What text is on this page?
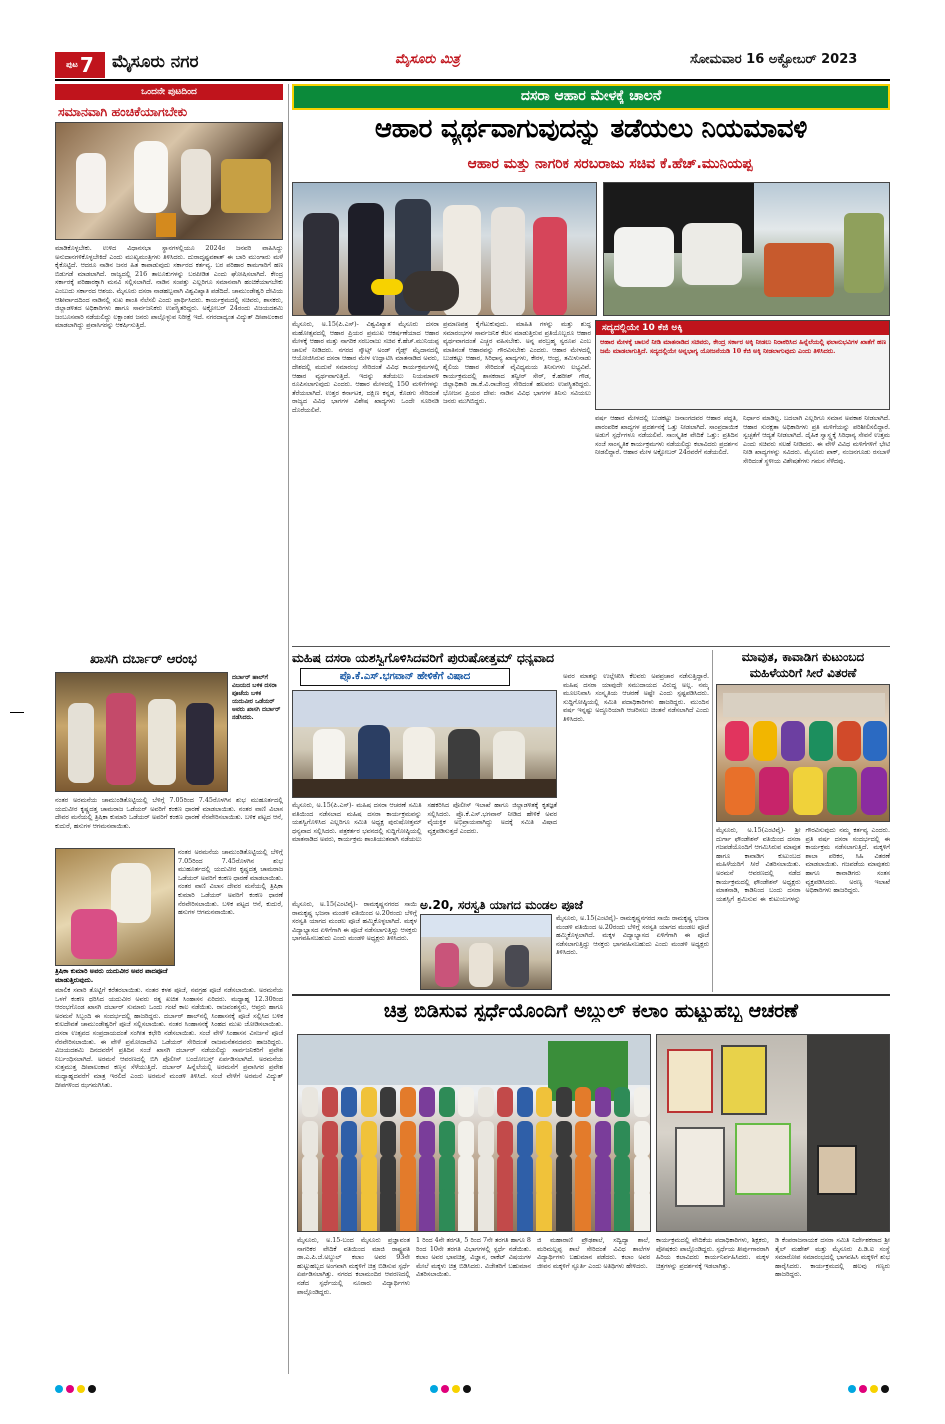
ಪುಟ 7 ಮೈಸೂರು ನಗರ	ಮೈಸೂರು ಮಿತ್ರ	ಸೋಮವಾರ 16 ಅಕ್ಟೋಬರ್ 2023
ಒಂದನೇ ಪುಟದಿಂದ
ಸಮಾನವಾಗಿ ಹಂಚಿಕೆಯಾಗಬೇಕು
ಮಾಡಿಕೊಳ್ಳಬೇಕು. ಉಳಿದ ವಿಧಾನಸಭಾ ಸ್ಥಾನಗಳಲ್ಲಿಯೂ 2024ರ ಜನವರಿ ವಾಹಿಸಿದ್ದು ಅನುದಾನಗಳಿಕೊಳ್ಳಬೇಕಿದೆ ಎಂದು ಮುಖ್ಯಮಂತ್ರಿಗಳು ತಿಳಿಸಿದರು. ದುರಾದೃಷ್ಟವಶಾತ್ ಈ ಬಾರಿ ಮುಂಗಾರು ಮಳೆ ಕೈಕೊಟ್ಟಿದೆ. ಆದರೂ ನಾಡಿನ ಜನರ ಹಿತ ಕಾಪಾಡುವುದು ಸರ್ಕಾರದ ಕರ್ತವ್ಯ. ಬರ ಪರಿಹಾರ ಕಾಮಗಾರಿಗೆ ಹಣ ಬಿಡುಗಡೆ ಮಾಡಲಾಗಿದೆ. ರಾಜ್ಯದಲ್ಲಿ 216 ತಾಲೂಕುಗಳನ್ನು ಬರಪೀಡಿತ ಎಂದು ಘೋಷಿಸಲಾಗಿದೆ. ಕೇಂದ್ರ ಸರ್ಕಾರಕ್ಕೆ ಪರಿಹಾರಕ್ಕಾಗಿ ಮನವಿ ಸಲ್ಲಿಸಲಾಗಿದೆ. ನಾಡಿನ ಸಂಪತ್ತು ಎಲ್ಲರಿಗೂ ಸಮಾನವಾಗಿ ಹಂಚಿಕೆಯಾಗಬೇಕು ಎಂಬುದು ಸರ್ಕಾರದ ಆಶಯ. ಮೈಸೂರು ದಸರಾ ನಾಡಹಬ್ಬವಾಗಿ ವಿಶ್ವವಿಖ್ಯಾತಿ ಪಡೆದಿದೆ. ಚಾಮುಂಡೇಶ್ವರಿ ದೇವಿಯ ಆಶೀರ್ವಾದದಿಂದ ನಾಡಿನಲ್ಲಿ ಸುಖ ಶಾಂತಿ ನೆಲೆಸಲಿ ಎಂದು ಪ್ರಾರ್ಥಿಸಿದರು. ಕಾರ್ಯಕ್ರಮದಲ್ಲಿ ಸಚಿವರು, ಶಾಸಕರು, ಜಿಲ್ಲಾಡಳಿತದ ಅಧಿಕಾರಿಗಳು ಹಾಗೂ ಸಾರ್ವಜನಿಕರು ಉಪಸ್ಥಿತರಿದ್ದರು. ಅಕ್ಟೋಬರ್ 24ರಂದು ವಿಜಯದಶಮಿ ಜಂಬೂಸವಾರಿ ನಡೆಯಲಿದ್ದು ಲಕ್ಷಾಂತರ ಜನರು ಪಾಲ್ಗೊಳ್ಳುವ ನಿರೀಕ್ಷೆ ಇದೆ. ನಗರದಾದ್ಯಂತ ವಿದ್ಯುತ್ ದೀಪಾಲಂಕಾರ ಮಾಡಲಾಗಿದ್ದು ಪ್ರವಾಸಿಗರನ್ನು ಆಕರ್ಷಿಸುತ್ತಿದೆ.
ಖಾಸಗಿ ದರ್ಬಾರ್ ಆರಂಭ
ದರ್ಬಾರ್ ಹಾಲ್‌ಗೆ ವಿಜಯದ ಬಳಿಕ ದಸರಾ ಪೂಜೆಯ ಬಳಿಕ ಯದುವೀರ ಒಡೆಯರ್ ಅವರು ಖಾಸಗಿ ದರ್ಬಾರ್ ನಡೆಸಿದರು.
ನಂತರ ಅರಮನೆಯ ಚಾಮುಂಡಿತೊಟ್ಟಿಯಲ್ಲಿ ಬೆಳಿಗ್ಗೆ 7.05ರಿಂದ 7.45ರೊಳಗಿನ ಶುಭ ಮುಹೂರ್ತದಲ್ಲಿ ಯದುವೀರ ಕೃಷ್ಣದತ್ತ ಚಾಮರಾಜ ಒಡೆಯರ್ ಅವರಿಗೆ ಕಂಕಣ ಧಾರಣೆ ಮಾಡಲಾಯಿತು. ನಂತರ ವಾಣಿ ವಿಲಾಸ ದೇವರ ಮನೆಯಲ್ಲಿ ತ್ರಿಷಿಕಾ ಕುಮಾರಿ ಒಡೆಯರ್ ಅವರಿಗೆ ಕಂಕಣ ಧಾರಣೆ ನೆರವೇರಿಸಲಾಯಿತು. ಬಳಿಕ ಪಟ್ಟದ ಆನೆ, ಕುದುರೆ, ಹಸುಗಳ ಆಗಮನವಾಯಿತು.
ನಂತರ ಅರಮನೆಯ ಚಾಮುಂಡಿತೊಟ್ಟಿಯಲ್ಲಿ ಬೆಳಿಗ್ಗೆ 7.05ರಿಂದ 7.45ರೊಳಗಿನ ಶುಭ ಮುಹೂರ್ತದಲ್ಲಿ ಯದುವೀರ ಕೃಷ್ಣದತ್ತ ಚಾಮರಾಜ ಒಡೆಯರ್ ಅವರಿಗೆ ಕಂಕಣ ಧಾರಣೆ ಮಾಡಲಾಯಿತು. ನಂತರ ವಾಣಿ ವಿಲಾಸ ದೇವರ ಮನೆಯಲ್ಲಿ ತ್ರಿಷಿಕಾ ಕುಮಾರಿ ಒಡೆಯರ್ ಅವರಿಗೆ ಕಂಕಣ ಧಾರಣೆ ನೆರವೇರಿಸಲಾಯಿತು. ಬಳಿಕ ಪಟ್ಟದ ಆನೆ, ಕುದುರೆ, ಹಸುಗಳ ಆಗಮನವಾಯಿತು.
ತ್ರಿಷಿಕಾ ಕುಮಾರಿ ಅವರು ಯದುವೀರ ಅವರ ಪಾದಪೂಜೆ ಮಾಡುತ್ತಿರುವುದು.
ಮಾಲಿಕ ಸವಾರಿ ತೊಟ್ಟಿಗೆ ಕರೆತರಲಾಯಿತು. ನಂತರ ಕಳಶ ಪೂಜೆ, ನವಗ್ರಹ ಪೂಜೆ ನಡೆಸಲಾಯಿತು. ಅರಮನೆಯ ಒಳಗೆ ಕಂಕಣ ಧರಿಸಿದ ಯದುವೀರ ಅವರು ರತ್ನ ಖಚಿತ ಸಿಂಹಾಸನ ಏರಿದರು. ಮಧ್ಯಾಹ್ನ 12.30ರಿಂದ ಆರಂಭಗೊಂಡ ಖಾಸಗಿ ದರ್ಬಾರ್ ಸುಮಾರು ಒಂದು ಗಂಟೆ ಕಾಲ ನಡೆಯಿತು. ರಾಜವಂಶಸ್ಥರು, ಆಪ್ತರು ಹಾಗೂ ಅರಮನೆ ಸಿಬ್ಬಂದಿ ಈ ಸಂದರ್ಭದಲ್ಲಿ ಹಾಜರಿದ್ದರು. ದರ್ಬಾರ್ ಹಾಲ್‌ನಲ್ಲಿ ಸಿಂಹಾಸನಕ್ಕೆ ಪೂಜೆ ಸಲ್ಲಿಸಿದ ಬಳಿಕ ಕುಲದೇವತೆ ಚಾಮುಂಡೇಶ್ವರಿಗೆ ಪೂಜೆ ಸಲ್ಲಿಸಲಾಯಿತು. ನಂತರ ಸಿಂಹಾಸನಕ್ಕೆ ಸಿಂಹದ ಮುಖ ಜೋಡಿಸಲಾಯಿತು. ದಸರಾ ಉತ್ಸವದ ಸಂಪ್ರದಾಯದಂತೆ ಸಂಗೀತ ಕಛೇರಿ ನಡೆಸಲಾಯಿತು. ಸಂಜೆ ವೇಳೆ ಸಿಂಹಾಸನ ವಿಸರ್ಜನೆ ಪೂಜೆ ನೆರವೇರಿಸಲಾಯಿತು. ಈ ವೇಳೆ ಪ್ರಮೋದಾದೇವಿ ಒಡೆಯರ್ ಸೇರಿದಂತೆ ರಾಜಮನೆತನದವರು ಹಾಜರಿದ್ದರು. ವಿಜಯದಶಮಿ ದಿನದವರೆಗೆ ಪ್ರತಿದಿನ ಸಂಜೆ ಖಾಸಗಿ ದರ್ಬಾರ್ ನಡೆಯಲಿದ್ದು ಸಾರ್ವಜನಿಕರಿಗೆ ಪ್ರವೇಶ ನಿರ್ಬಂಧಿಸಲಾಗಿದೆ. ಅರಮನೆ ಆವರಣದಲ್ಲಿ ಬಿಗಿ ಪೊಲೀಸ್ ಬಂದೋಬಸ್ತ್ ಏರ್ಪಡಿಸಲಾಗಿದೆ. ಅರಮನೆಯ ಸುತ್ತಮುತ್ತ ದೀಪಾಲಂಕಾರ ಕಣ್ಮನ ಸೆಳೆಯುತ್ತಿದೆ. ದರ್ಬಾರ್ ಹಿನ್ನೆಲೆಯಲ್ಲಿ ಅರಮನೆಗೆ ಪ್ರವಾಸಿಗರ ಪ್ರವೇಶ ಮಧ್ಯಾಹ್ನದವರೆಗೆ ಮಾತ್ರ ಇರಲಿದೆ ಎಂದು ಅರಮನೆ ಮಂಡಳಿ ತಿಳಿಸಿದೆ. ಸಂಜೆ ವೇಳೆಗೆ ಅರಮನೆ ವಿದ್ಯುತ್ ದೀಪಗಳಿಂದ ಝಗಮಗಿಸಿತು.
ದಸರಾ ಆಹಾರ ಮೇಳಕ್ಕೆ ಚಾಲನೆ
ಆಹಾರ ವ್ಯರ್ಥವಾಗುವುದನ್ನು ತಡೆಯಲು ನಿಯಮಾವಳಿ
ಆಹಾರ ಮತ್ತು ನಾಗರಿಕ ಸರಬರಾಜು ಸಚಿವ ಕೆ.ಹೆಚ್.ಮುನಿಯಪ್ಪ
ಮೈಸೂರು, ಅ.15(ಪಿ.ಎಸ್)- ವಿಶ್ವವಿಖ್ಯಾತ ಮೈಸೂರು ದಸರಾ ಮಹೋತ್ಸವದಲ್ಲಿ ಆಹಾರ ಪ್ರಿಯರ ಪ್ರಮುಖ ಆಕರ್ಷಣೆಯಾದ ಆಹಾರ ಮೇಳಕ್ಕೆ ಆಹಾರ ಮತ್ತು ನಾಗರಿಕ ಸರಬರಾಜು ಸಚಿವ ಕೆ.ಹೆಚ್.ಮುನಿಯಪ್ಪ ಚಾಲನೆ ನೀಡಿದರು. ನಗರದ ಸ್ಕೌಟ್ಸ್ ಅಂಡ್ ಗೈಡ್ಸ್ ಮೈದಾನದಲ್ಲಿ ಆಯೋಜಿಸಿರುವ ದಸರಾ ಆಹಾರ ಮೇಳ ಉದ್ಘಾಟಿಸಿ ಮಾತನಾಡಿದ ಅವರು, ದೇಶದಲ್ಲಿ ಮದುವೆ ಸಮಾರಂಭ ಸೇರಿದಂತೆ ವಿವಿಧ ಕಾರ್ಯಕ್ರಮಗಳಲ್ಲಿ ಆಹಾರ ವ್ಯರ್ಥವಾಗುತ್ತಿದೆ. ಇದನ್ನು ತಡೆಯಲು ನಿಯಮಾವಳಿ ರೂಪಿಸಲಾಗುವುದು ಎಂದರು. ಆಹಾರ ಮೇಳದಲ್ಲಿ 150 ಮಳಿಗೆಗಳನ್ನು ತೆರೆಯಲಾಗಿದೆ. ಉತ್ತರ ಕರ್ನಾಟಕ, ದಕ್ಷಿಣ ಕನ್ನಡ, ಕೊಡಗು ಸೇರಿದಂತೆ ರಾಜ್ಯದ ವಿವಿಧ ಭಾಗಗಳ ವಿಶೇಷ ಖಾದ್ಯಗಳು ಒಂದೇ ಸೂರಿನಡಿ ದೊರೆಯಲಿವೆ.
ಪ್ರಮಾಣಪತ್ರ ಕೈಗೆಟುಕುವುದು. ಮಾಹಿತಿ ಗಳನ್ನು ಮತ್ತು ಶುದ್ಧ ಸಮಾರಂಭಗಳ ಸಾರ್ವಜನಿಕ ಕೆಲಸ ಮಾಡುತ್ತಿರುವ ಪ್ರತಿಯೊಬ್ಬರೂ ಆಹಾರ ವ್ಯರ್ಥವಾಗದಂತೆ ಎಚ್ಚರ ವಹಿಸಬೇಕು. ಅನ್ನ ಪರಬ್ರಹ್ಮ ಸ್ವರೂಪ ಎಂಬ ಮಾತಿನಂತೆ ಆಹಾರವನ್ನು ಗೌರವಿಸಬೇಕು ಎಂದರು. ಆಹಾರ ಮೇಳದಲ್ಲಿ ಬುಡಕಟ್ಟು ಆಹಾರ, ಸಿರಿಧಾನ್ಯ ಖಾದ್ಯಗಳು, ಕೇರಳ, ಆಂಧ್ರ, ತಮಿಳುನಾಡು ಶೈಲಿಯ ಆಹಾರ ಸೇರಿದಂತೆ ವೈವಿಧ್ಯಮಯ ತಿನಿಸುಗಳು ಲಭ್ಯವಿವೆ. ಕಾರ್ಯಕ್ರಮದಲ್ಲಿ ಶಾಸಕರಾದ ತನ್ವೀರ್ ಸೇಠ್, ಕೆ.ಹರೀಶ್ ಗೌಡ, ಜಿಲ್ಲಾಧಿಕಾರಿ ಡಾ.ಕೆ.ವಿ.ರಾಜೇಂದ್ರ ಸೇರಿದಂತೆ ಹಲವರು ಉಪಸ್ಥಿತರಿದ್ದರು. ಭೋಜನ ಪ್ರಿಯರ ದೇವ: ನಾಡಿನ ವಿವಿಧ ಭಾಗಗಳ ತಿನಿಸು ಸವಿಯಲು ಜನರು ಮುಗಿಬಿದ್ದರು.
ಸದ್ಯದಲ್ಲಿಯೇ 10 ಕೆಜಿ ಅಕ್ಕಿ
ಆಹಾರ ಮೇಳಕ್ಕೆ ಚಾಲನೆ ನೀಡಿ ಮಾತನಾಡಿದ ಸಚಿವರು, ಕೇಂದ್ರ ಸರ್ಕಾರ ಅಕ್ಕಿ ನೀಡಲು ನಿರಾಕರಿಸಿದ ಹಿನ್ನೆಲೆಯಲ್ಲಿ ಫಲಾನುಭವಿಗಳ ಖಾತೆಗೆ ಹಣ ಜಮೆ ಮಾಡಲಾಗುತ್ತಿದೆ. ಸದ್ಯದಲ್ಲಿಯೇ ಅನ್ನಭಾಗ್ಯ ಯೋಜನೆಯಡಿ 10 ಕೆಜಿ ಅಕ್ಕಿ ನೀಡಲಾಗುವುದು ಎಂದು ತಿಳಿಸಿದರು.
ವರ್ಷ ಆಹಾರ ಮೇಳದಲ್ಲಿ ಬುಡಕಟ್ಟು ಜನಾಂಗದವರ ಆಹಾರ ಪದ್ಧತಿ, ಪಾರಂಪರಿಕ ಖಾದ್ಯಗಳ ಪ್ರದರ್ಶನಕ್ಕೆ ಒತ್ತು ನೀಡಲಾಗಿದೆ. ಸಾಂಪ್ರದಾಯಿಕ ಅಡುಗೆ ಸ್ಪರ್ಧೆಗಳೂ ನಡೆಯಲಿವೆ. ಸಾಂಸ್ಕೃತಿಕ ವೇದಿಕೆ ಒತ್ತು: ಪ್ರತಿದಿನ ಸಂಜೆ ಸಾಂಸ್ಕೃತಿಕ ಕಾರ್ಯಕ್ರಮಗಳು ನಡೆಯಲಿದ್ದು ಕಲಾವಿದರು ಪ್ರದರ್ಶನ ನೀಡಲಿದ್ದಾರೆ. ಆಹಾರ ಮೇಳ ಅಕ್ಟೋಬರ್ 24ರವರೆಗೆ ನಡೆಯಲಿದೆ.
ನಿರ್ಧಾರ ಮಾಡಿಲ್ಲ. ಬದಲಾಗಿ ಎಲ್ಲರಿಗೂ ಸಮಾನ ಅವಕಾಶ ನೀಡಲಾಗಿದೆ. ಆಹಾರ ಸುರಕ್ಷತಾ ಅಧಿಕಾರಿಗಳು ಪ್ರತಿ ಮಳಿಗೆಯನ್ನು ಪರಿಶೀಲಿಸಲಿದ್ದಾರೆ. ಸ್ವಚ್ಛತೆಗೆ ಆದ್ಯತೆ ನೀಡಲಾಗಿದೆ. ದೈಹಿಕ ಸ್ವಾಸ್ಥ್ಯಕ್ಕೆ ಸಿರಿಧಾನ್ಯ ಸೇವನೆ ಉತ್ತಮ ಎಂದು ಸಚಿವರು ಸಲಹೆ ನೀಡಿದರು. ಈ ವೇಳೆ ವಿವಿಧ ಮಳಿಗೆಗಳಿಗೆ ಭೇಟಿ ನೀಡಿ ಖಾದ್ಯಗಳನ್ನು ಸವಿದರು. ಮೈಸೂರು ಪಾಕ್, ನಂಜನಗೂಡು ರಸಬಾಳೆ ಸೇರಿದಂತೆ ಸ್ಥಳೀಯ ವಿಶೇಷತೆಗಳು ಗಮನ ಸೆಳೆದವು.
ಮಹಿಷ ದಸರಾ ಯಶಸ್ವಿಗೊಳಿಸಿದವರಿಗೆ ಪುರುಷೋತ್ತಮ್ ಧನ್ಯವಾದ
ಪ್ರೊ.ಕೆ.ಎಸ್.ಭಗವಾನ್ ಹೇಳಿಕೆಗೆ ವಿಷಾದ
ಮೈಸೂರು, ಅ.15(ಪಿ.ಎಸ್)- ಮಹಿಷ ದಸರಾ ಆಚರಣೆ ಸಮಿತಿ ವತಿಯಿಂದ ನಡೆಸಲಾದ ಮಹಿಷ ದಸರಾ ಕಾರ್ಯಕ್ರಮವನ್ನು ಯಶಸ್ವಿಗೊಳಿಸಿದ ಎಲ್ಲರಿಗೂ ಸಮಿತಿ ಅಧ್ಯಕ್ಷ ಪುರುಷೋತ್ತಮ್ ಧನ್ಯವಾದ ಸಲ್ಲಿಸಿದರು. ಪತ್ರಕರ್ತರ ಭವನದಲ್ಲಿ ಸುದ್ದಿಗೋಷ್ಠಿಯಲ್ಲಿ ಮಾತನಾಡಿದ ಅವರು, ಕಾರ್ಯಕ್ರಮ ಶಾಂತಿಯುತವಾಗಿ ನಡೆಯಲು ಸಹಕರಿಸಿದ ಪೊಲೀಸ್ ಇಲಾಖೆ ಹಾಗೂ ಜಿಲ್ಲಾಡಳಿತಕ್ಕೆ ಕೃತಜ್ಞತೆ ಸಲ್ಲಿಸಿದರು. ಪ್ರೊ.ಕೆ.ಎಸ್.ಭಗವಾನ್ ನೀಡಿದ ಹೇಳಿಕೆ ಅವರ ವೈಯಕ್ತಿಕ ಅಭಿಪ್ರಾಯವಾಗಿದ್ದು ಅದಕ್ಕೆ ಸಮಿತಿ ವಿಷಾದ ವ್ಯಕ್ತಪಡಿಸುತ್ತದೆ ಎಂದರು.
ಅವರ ಮಾತನ್ನು ಉಲ್ಲೇಖಿಸಿ ಕೆಲವರು ಅಪಪ್ರಚಾರ ನಡೆಸುತ್ತಿದ್ದಾರೆ. ಮಹಿಷ ದಸರಾ ಯಾವುದೇ ಸಮುದಾಯದ ವಿರುದ್ಧ ಅಲ್ಲ. ನಮ್ಮ ಮೂಲನಿವಾಸಿ ಸಂಸ್ಕೃತಿಯ ಆಚರಣೆ ಅಷ್ಟೇ ಎಂದು ಸ್ಪಷ್ಟಪಡಿಸಿದರು. ಸುದ್ದಿಗೋಷ್ಠಿಯಲ್ಲಿ ಸಮಿತಿ ಪದಾಧಿಕಾರಿಗಳು ಹಾಜರಿದ್ದರು. ಮುಂದಿನ ವರ್ಷ ಇನ್ನಷ್ಟು ಅದ್ಧೂರಿಯಾಗಿ ಆಚರಿಸಲು ಚಿಂತನೆ ನಡೆಸಲಾಗಿದೆ ಎಂದು ತಿಳಿಸಿದರು.
ಅ.20, ಸರಸ್ವತಿ ಯಾಗದ ಮಂಡಲ ಪೂಜೆ
ಮೈಸೂರು, ಅ.15(ಎಂಟಿವೈ)- ರಾಮಕೃಷ್ಣನಗರದ ಸಾಯಿ ರಾಮಕೃಷ್ಣ ಭಜನಾ ಮಂಡಳಿ ವತಿಯಿಂದ ಅ.20ರಂದು ಬೆಳಿಗ್ಗೆ ಸರಸ್ವತಿ ಯಾಗದ ಮಂಡಲ ಪೂಜೆ ಹಮ್ಮಿಕೊಳ್ಳಲಾಗಿದೆ. ಮಕ್ಕಳ ವಿದ್ಯಾಭ್ಯಾಸದ ಏಳಿಗೆಗಾಗಿ ಈ ಪೂಜೆ ನಡೆಸಲಾಗುತ್ತಿದ್ದು ಆಸಕ್ತರು ಭಾಗವಹಿಸಬಹುದು ಎಂದು ಮಂಡಳಿ ಅಧ್ಯಕ್ಷರು ತಿಳಿಸಿದರು.
ಮೈಸೂರು, ಅ.15(ಎಂಟಿವೈ)- ರಾಮಕೃಷ್ಣನಗರದ ಸಾಯಿ ರಾಮಕೃಷ್ಣ ಭಜನಾ ಮಂಡಳಿ ವತಿಯಿಂದ ಅ.20ರಂದು ಬೆಳಿಗ್ಗೆ ಸರಸ್ವತಿ ಯಾಗದ ಮಂಡಲ ಪೂಜೆ ಹಮ್ಮಿಕೊಳ್ಳಲಾಗಿದೆ. ಮಕ್ಕಳ ವಿದ್ಯಾಭ್ಯಾಸದ ಏಳಿಗೆಗಾಗಿ ಈ ಪೂಜೆ ನಡೆಸಲಾಗುತ್ತಿದ್ದು ಆಸಕ್ತರು ಭಾಗವಹಿಸಬಹುದು ಎಂದು ಮಂಡಳಿ ಅಧ್ಯಕ್ಷರು ತಿಳಿಸಿದರು.
ಮಾವುತ, ಕಾವಾಡಿಗ ಕುಟುಂಬದ
ಮಹಿಳೆಯರಿಗೆ ಸೀರೆ ವಿತರಣೆ
ಮೈಸೂರು, ಅ.15(ಎಂಟಿವೈ)- ಶ್ರೀ ದುರ್ಗಾ ಫೌಂಡೇಶನ್ ವತಿಯಿಂದ ದಸರಾ ಗಜಪಡೆಯೊಂದಿಗೆ ಆಗಮಿಸಿರುವ ಮಾವುತ ಹಾಗೂ ಕಾವಾಡಿಗ ಕುಟುಂಬದ ಮಹಿಳೆಯರಿಗೆ ಸೀರೆ ವಿತರಿಸಲಾಯಿತು. ಅರಮನೆ ಆವರಣದಲ್ಲಿ ನಡೆದ ಕಾರ್ಯಕ್ರಮದಲ್ಲಿ ಫೌಂಡೇಶನ್ ಅಧ್ಯಕ್ಷರು ಮಾತನಾಡಿ, ಕಾಡಿನಿಂದ ಬಂದು ದಸರಾ ಯಶಸ್ಸಿಗೆ ಶ್ರಮಿಸುವ ಈ ಕುಟುಂಬಗಳನ್ನು ಗೌರವಿಸುವುದು ನಮ್ಮ ಕರ್ತವ್ಯ ಎಂದರು. ಪ್ರತಿ ವರ್ಷ ದಸರಾ ಸಂದರ್ಭದಲ್ಲಿ ಈ ಕಾರ್ಯಕ್ರಮ ನಡೆಸಲಾಗುತ್ತಿದೆ. ಮಕ್ಕಳಿಗೆ ಶಾಲಾ ಪರಿಕರ, ಸಿಹಿ ವಿತರಣೆ ಮಾಡಲಾಯಿತು. ಗಜಪಡೆಯ ಮಾವುತರು ಹಾಗೂ ಕಾವಾಡಿಗರು ಸಂತಸ ವ್ಯಕ್ತಪಡಿಸಿದರು. ಅರಣ್ಯ ಇಲಾಖೆ ಅಧಿಕಾರಿಗಳು ಹಾಜರಿದ್ದರು.
ಚಿತ್ರ ಬಿಡಿಸುವ ಸ್ಪರ್ಧೆಯೊಂದಿಗೆ ಅಬ್ದುಲ್ ಕಲಾಂ ಹುಟ್ಟುಹಬ್ಬ ಆಚರಣೆ
ಮೈಸೂರು, ಅ.15-ಬಂದ ಮೈಸೂರು ಪ್ರಜ್ಞಾವಂತ ನಾಗರಿಕರ ವೇದಿಕೆ ವತಿಯಿಂದ ಮಾಜಿ ರಾಷ್ಟ್ರಪತಿ ಡಾ.ಎ.ಪಿ.ಜೆ.ಅಬ್ದುಲ್ ಕಲಾಂ ಅವರ 93ನೇ ಹುಟ್ಟುಹಬ್ಬದ ಅಂಗವಾಗಿ ಮಕ್ಕಳಿಗೆ ಚಿತ್ರ ಬಿಡಿಸುವ ಸ್ಪರ್ಧೆ ಏರ್ಪಡಿಸಲಾಗಿತ್ತು. ನಗರದ ಕಲಾಮಂದಿರ ಆವರಣದಲ್ಲಿ ನಡೆದ ಸ್ಪರ್ಧೆಯಲ್ಲಿ ನೂರಾರು ವಿದ್ಯಾರ್ಥಿಗಳು ಪಾಲ್ಗೊಂಡಿದ್ದರು.
1 ರಿಂದ 4ನೇ ತರಗತಿ, 5 ರಿಂದ 7ನೇ ತರಗತಿ ಹಾಗೂ 8 ರಿಂದ 10ನೇ ತರಗತಿ ವಿಭಾಗಗಳಲ್ಲಿ ಸ್ಪರ್ಧೆ ನಡೆಯಿತು. ಕಲಾಂ ಅವರ ಭಾವಚಿತ್ರ, ವಿಜ್ಞಾನ, ರಾಕೆಟ್ ವಿಷಯಗಳ ಮೇಲೆ ಮಕ್ಕಳು ಚಿತ್ರ ಬಿಡಿಸಿದರು. ವಿಜೇತರಿಗೆ ಬಹುಮಾನ ವಿತರಿಸಲಾಯಿತು.
ಜಿ ಮಹಾರಾಣಿ ಪ್ರೌಢಶಾಲೆ, ಸದ್ವಿದ್ಯಾ ಶಾಲೆ, ಮರಿಮಲ್ಲಪ್ಪ ಶಾಲೆ ಸೇರಿದಂತೆ ವಿವಿಧ ಶಾಲೆಗಳ ವಿದ್ಯಾರ್ಥಿಗಳು ಬಹುಮಾನ ಪಡೆದರು. ಕಲಾಂ ಅವರ ಜೀವನ ಮಕ್ಕಳಿಗೆ ಸ್ಫೂರ್ತಿ ಎಂದು ಅತಿಥಿಗಳು ಹೇಳಿದರು.
ಕಾರ್ಯಕ್ರಮದಲ್ಲಿ ವೇದಿಕೆಯ ಪದಾಧಿಕಾರಿಗಳು, ಶಿಕ್ಷಕರು, ಪೋಷಕರು ಪಾಲ್ಗೊಂಡಿದ್ದರು. ಸ್ಪರ್ಧೆಯ ತೀರ್ಪುಗಾರರಾಗಿ ಹಿರಿಯ ಕಲಾವಿದರು ಕಾರ್ಯನಿರ್ವಹಿಸಿದರು. ಮಕ್ಕಳ ಚಿತ್ರಗಳನ್ನು ಪ್ರದರ್ಶನಕ್ಕೆ ಇಡಲಾಗಿತ್ತು.
ಡಿ ಕೆಂಪರಾಜನಾಯಕ ದಸರಾ ಸಮಿತಿ ನಿರ್ದೇಶಕರಾದ ಶ್ರೀ ತೈಲ್ ಮಹೇಶ್ ಮತ್ತು ಮೈಸೂರು ಪಿ.ಡಿ.ಐ ಸಂಸ್ಥೆ ಸಮಾರೋಪ ಸಮಾರಂಭದಲ್ಲಿ ಭಾಗವಹಿಸಿ ಮಕ್ಕಳಿಗೆ ಶುಭ ಹಾರೈಸಿದರು. ಕಾರ್ಯಕ್ರಮದಲ್ಲಿ ಹಲವು ಗಣ್ಯರು ಹಾಜರಿದ್ದರು.
